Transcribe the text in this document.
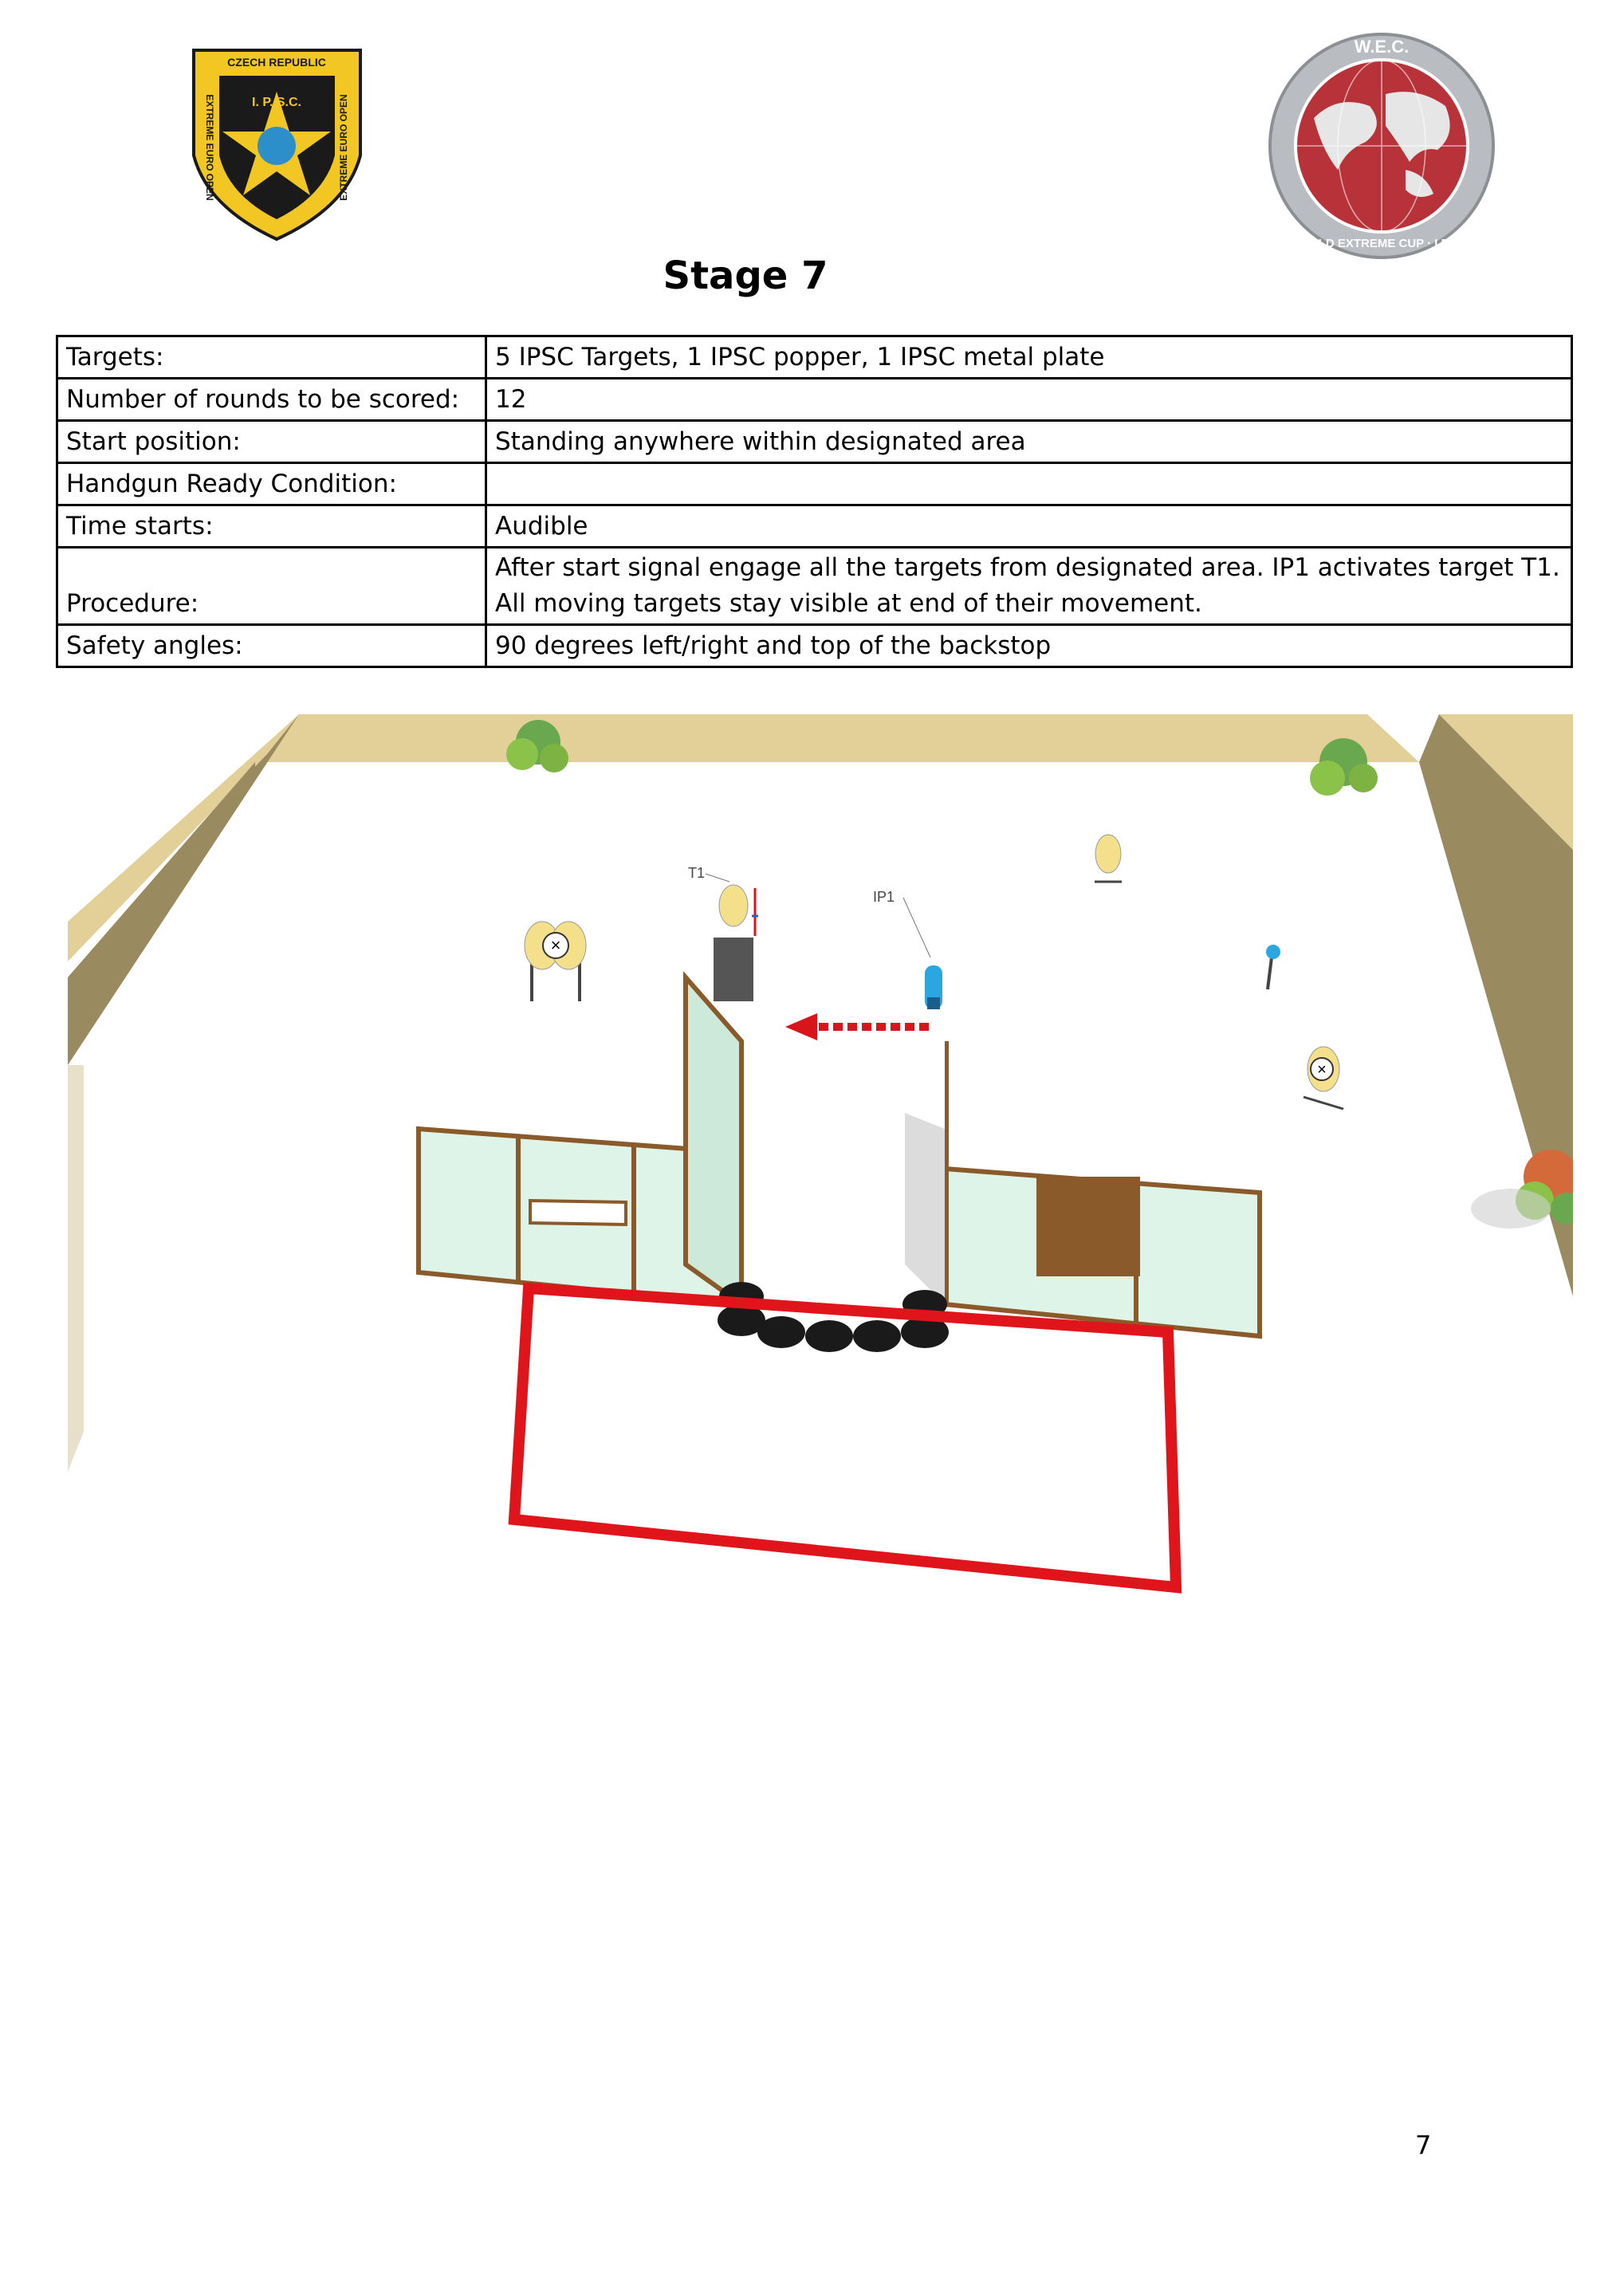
CZECH REPUBLIC
I. P. S.C.
EXTREME EURO OPEN	EXTREME EURO OPEN
W.E.C.
WORLD EXTREME CUP · I.P.S.C.
Stage 7
Targets:	5 IPSC Targets, 1 IPSC popper, 1 IPSC metal plate
Number of rounds to be scored:	12
Start position:	Standing anywhere within designated area
Handgun Ready Condition:	
Time starts:	Audible
Procedure:	After start signal engage all the targets from designated area. IP1 activates target T1.
All moving targets stay visible at end of their movement.

Safety angles:	90 degrees left/right and top of the backstop
×
T1
IP1
×
7
